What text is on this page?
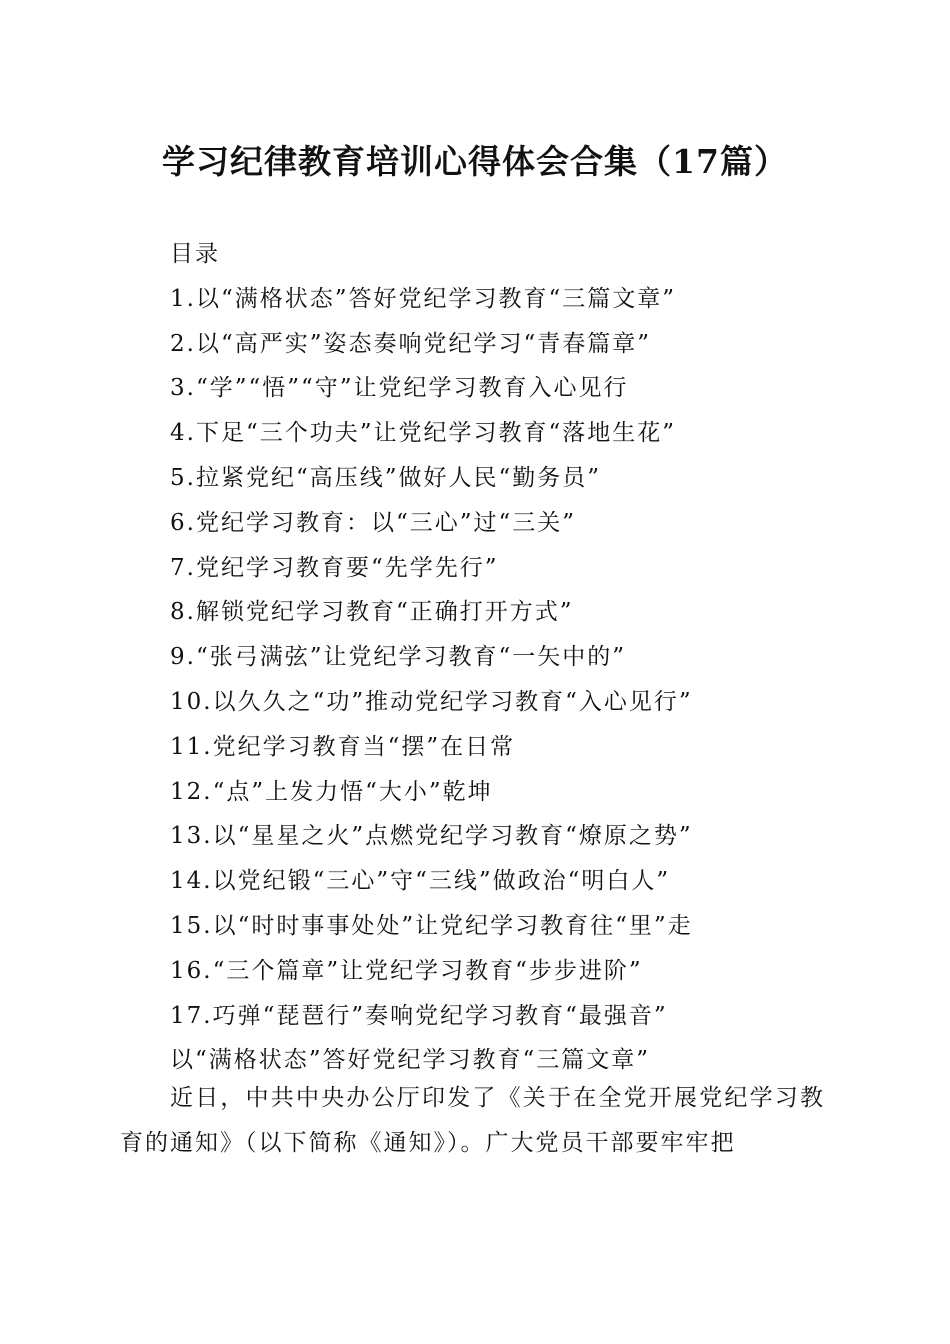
学习纪律教育培训心得体会合集（17篇）
目录
1.以“满格状态”答好党纪学习教育“三篇文章”
2.以“高严实”姿态奏响党纪学习“青春篇章”
3.“学”“悟”“守”让党纪学习教育入心见行
4.下足“三个功夫”让党纪学习教育“落地生花”
5.拉紧党纪“高压线”做好人民“勤务员”
6.党纪学习教育：以“三心”过“三关”
7.党纪学习教育要“先学先行”
8.解锁党纪学习教育“正确打开方式”
9.“张弓满弦”让党纪学习教育“一矢中的”
10.以久久之“功”推动党纪学习教育“入心见行”
11.党纪学习教育当“摆”在日常
12.“点”上发力悟“大小”乾坤
13.以“星星之火”点燃党纪学习教育“燎原之势”
14.以党纪锻“三心”守“三线”做政治“明白人”
15.以“时时事事处处”让党纪学习教育往“里”走
16.“三个篇章”让党纪学习教育“步步进阶”
17.巧弹“琵琶行”奏响党纪学习教育“最强音”
以“满格状态”答好党纪学习教育“三篇文章”
近日，中共中央办公厅印发了《关于在全党开展党纪学习教育的通知》（以下简称《通知》）。广大党员干部要牢牢把
